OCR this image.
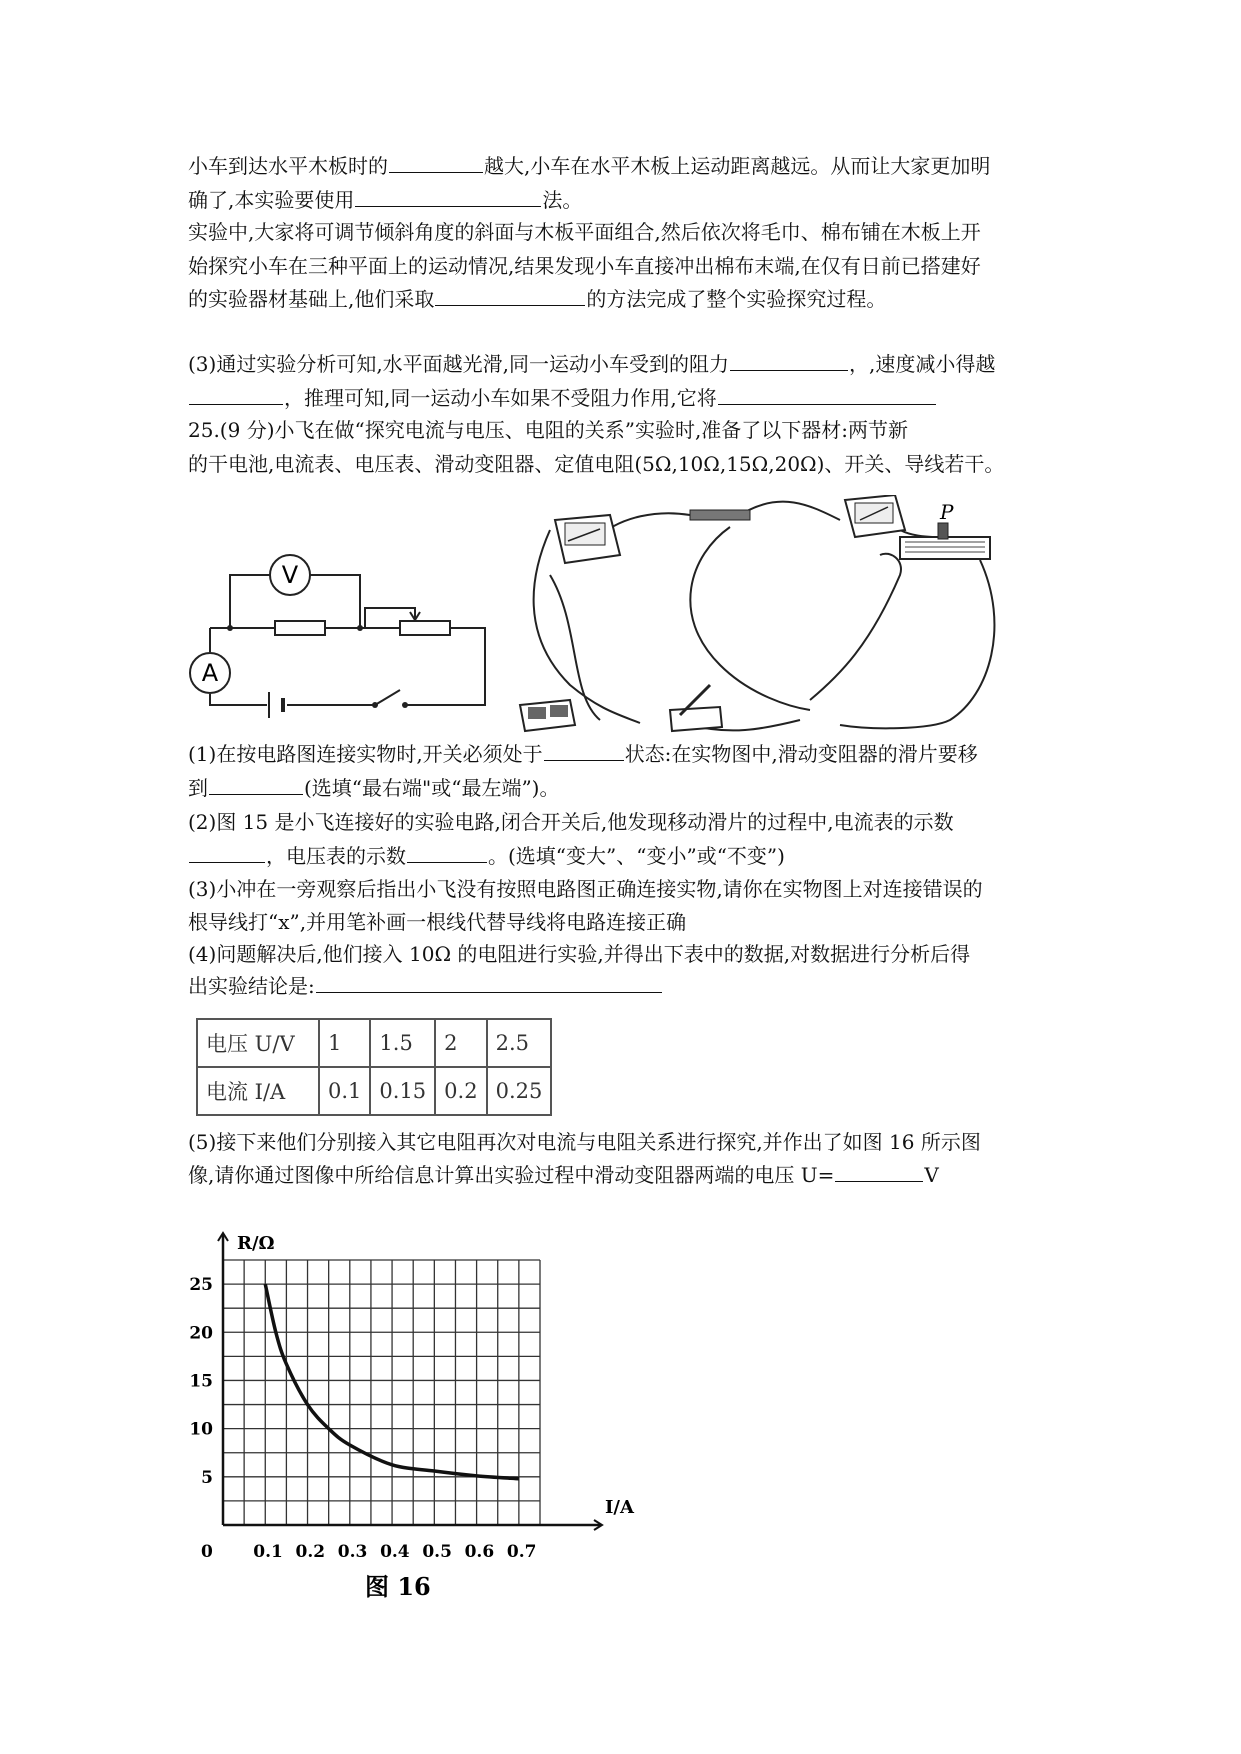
小车到达水平木板时的	越大,小车在水平木板上运动距离越远。从而让大家更加明
确了,本实验要使用	法。
实验中,大家将可调节倾斜角度的斜面与木板平面组合,然后依次将毛巾、棉布铺在木板上开
始探究小车在三种平面上的运动情况,结果发现小车直接冲出棉布末端,在仅有日前已搭建好
的实验器材基础上,他们采取	的方法完成了整个实验探究过程。
(3)通过实验分析可知,水平面越光滑,同一运动小车受到的阻力	，,速度减小得越
，推理可知,同一运动小车如果不受阻力作用,它将
25.(9 分)小飞在做“探究电流与电压、电阻的关系”实验时,准备了以下器材:两节新
的干电池,电流表、电压表、滑动变阻器、定值电阻(5Ω,10Ω,15Ω,20Ω)、开关、导线若干。
V
A
P
(1)在按电路图连接实物时,开关必须处于	状态:在实物图中,滑动变阻器的滑片要移
到	(选填“最右端"或“最左端”)。
(2)图 15 是小飞连接好的实验电路,闭合开关后,他发现移动滑片的过程中,电流表的示数
，电压表的示数	。(选填“变大”、“变小”或“不变”)
(3)小冲在一旁观察后指出小飞没有按照电路图正确连接实物,请你在实物图上对连接错误的
根导线打“x”,并用笔补画一根线代替导线将电路连接正确
(4)问题解决后,他们接入 10Ω 的电阻进行实验,并得出下表中的数据,对数据进行分析后得
出实验结论是:
电压 U/V	1	1.5	2	2.5
电流 I/A	0.1	0.15	0.2	0.25
(5)接下来他们分别接入其它电阻再次对电流与电阻关系进行探究,并作出了如图 16 所示图
像,请你通过图像中所给信息计算出实验过程中滑动变阻器两端的电压 U=	V
0 0.1 0.2 0.3 0.4 0.5 0.6 0.7
5
10
15
20
25
R/Ω
I/A
图 16
